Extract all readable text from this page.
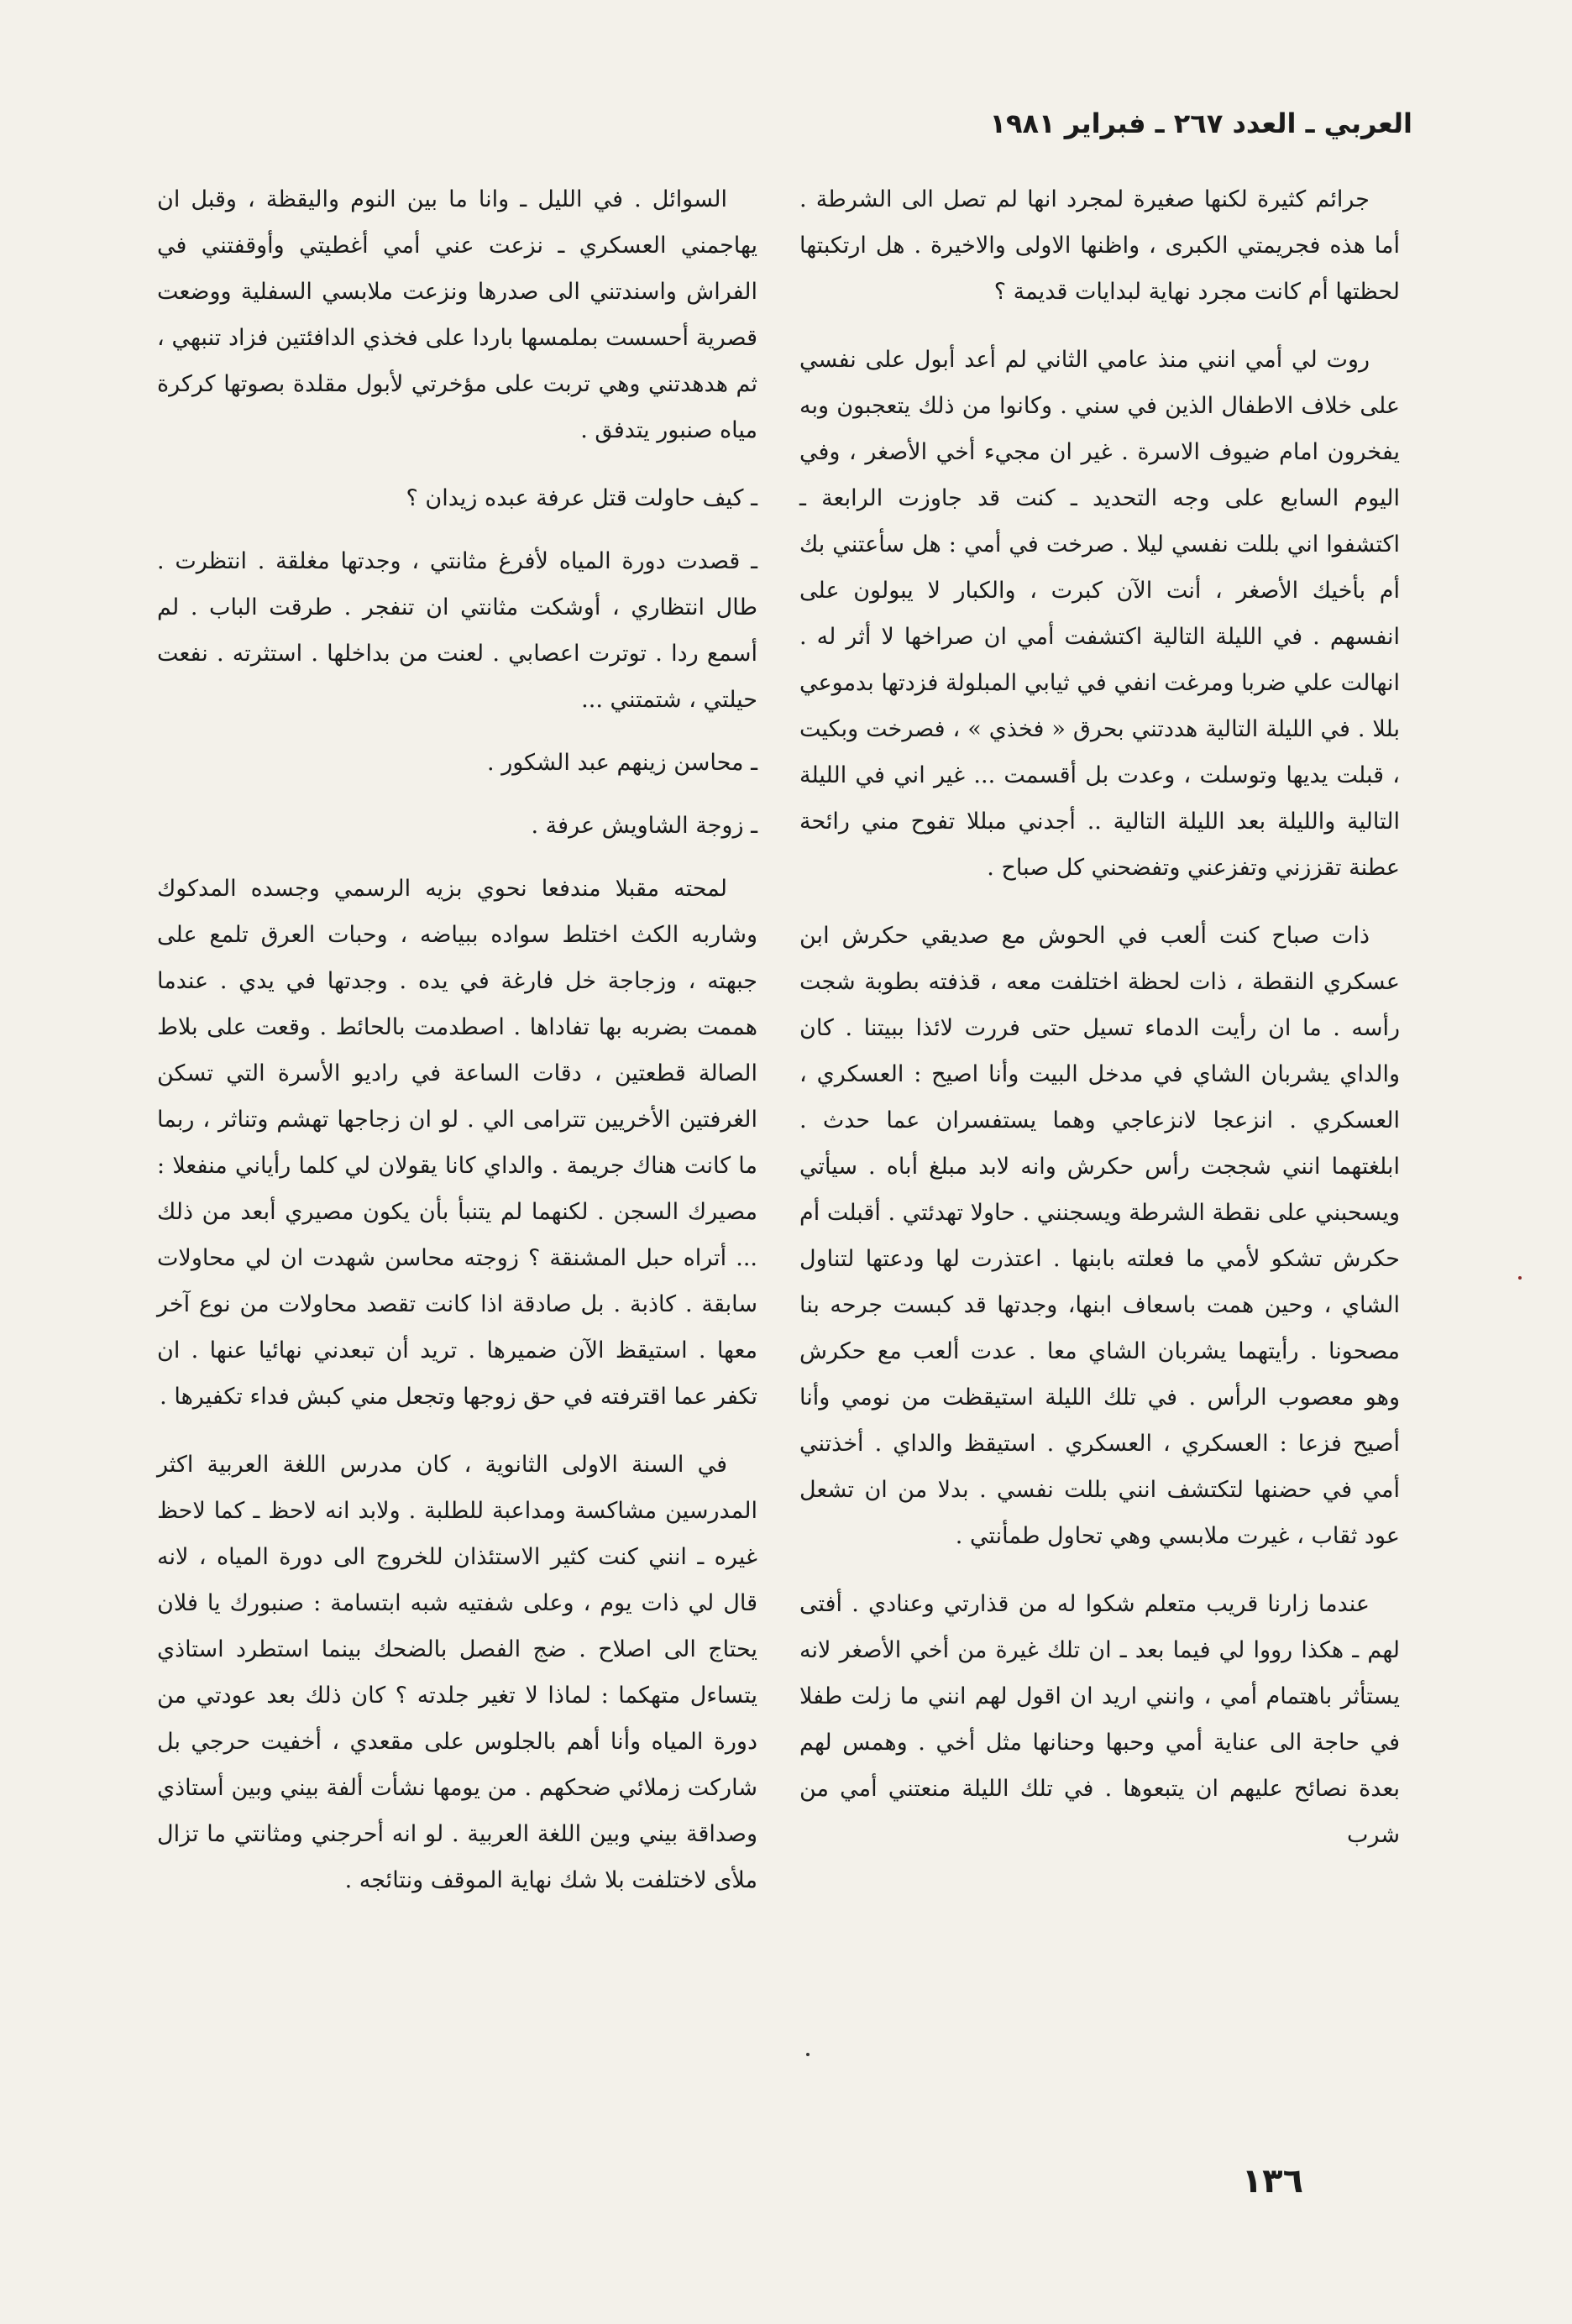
العربي ـ العدد ٢٦٧ ـ فبراير ١٩٨١

جرائم كثيرة لكنها صغيرة لمجرد انها لم تصل الى الشرطة . أما هذه فجريمتي الكبرى ، واظنها الاولى والاخيرة . هل ارتكبتها لحظتها أم كانت مجرد نهاية لبدايات قديمة ؟

روت لي أمي انني منذ عامي الثاني لم أعد أبول على نفسي على خلاف الاطفال الذين في سني . وكانوا من ذلك يتعجبون وبه يفخرون امام ضيوف الاسرة . غير ان مجيء أخي الأصغر ، وفي اليوم السابع على وجه التحديد ـ كنت قد جاوزت الرابعة ـ اكتشفوا اني بللت نفسي ليلا . صرخت في أمي : هل سأعتني بك أم بأخيك الأصغر ، أنت الآن كبرت ، والكبار لا يبولون على انفسهم . في الليلة التالية اكتشفت أمي ان صراخها لا أثر له . انهالت علي ضربا ومرغت انفي في ثيابي المبلولة فزدتها بدموعي بللا . في الليلة التالية هددتني بحرق « فخذي » ، فصرخت وبكيت ، قبلت يديها وتوسلت ، وعدت بل أقسمت ... غير اني في الليلة التالية والليلة بعد الليلة التالية .. أجدني مبللا تفوح مني رائحة عطنة تقززني وتفزعني وتفضحني كل صباح .

ذات صباح كنت ألعب في الحوش مع صديقي حكرش ابن عسكري النقطة ، ذات لحظة اختلفت معه ، قذفته بطوبة شجت رأسه . ما ان رأيت الدماء تسيل حتى فررت لائذا ببيتنا . كان والداي يشربان الشاي في مدخل البيت وأنا اصيح : العسكري ، العسكري . انزعجا لانزعاجي وهما يستفسران عما حدث . ابلغتهما انني شججت رأس حكرش وانه لابد مبلغ أباه . سيأتي ويسحبني على نقطة الشرطة ويسجنني . حاولا تهدئتي . أقبلت أم حكرش تشكو لأمي ما فعلته بابنها . اعتذرت لها ودعتها لتناول الشاي ، وحين همت باسعاف ابنها، وجدتها قد كبست جرحه بنا مصحونا . رأيتهما يشربان الشاي معا . عدت ألعب مع حكرش وهو معصوب الرأس . في تلك الليلة استيقظت من نومي وأنا أصيح فزعا : العسكري ، العسكري . استيقظ والداي . أخذتني أمي في حضنها لتكتشف انني بللت نفسي . بدلا من ان تشعل عود ثقاب ، غيرت ملابسي وهي تحاول طمأنتي .

عندما زارنا قريب متعلم شكوا له من قذارتي وعنادي . أفتى لهم ـ هكذا رووا لي فيما بعد ـ ان تلك غيرة من أخي الأصغر لانه يستأثر باهتمام أمي ، وانني اريد ان اقول لهم انني ما زلت طفلا في حاجة الى عناية أمي وحبها وحنانها مثل أخي . وهمس لهم بعدة نصائح عليهم ان يتبعوها . في تلك الليلة منعتني أمي من شرب

السوائل . في الليل ـ وانا ما بين النوم واليقظة ، وقبل ان يهاجمني العسكري ـ نزعت عني أمي أغطيتي وأوقفتني في الفراش واسندتني الى صدرها ونزعت ملابسي السفلية ووضعت قصرية أحسست بملمسها باردا على فخذي الدافئتين فزاد تنبهي ، ثم هدهدتني وهي تربت على مؤخرتي لأبول مقلدة بصوتها كركرة مياه صنبور يتدفق .

ـ كيف حاولت قتل عرفة عبده زيدان ؟

ـ قصدت دورة المياه لأفرغ مثانتي ، وجدتها مغلقة . انتظرت . طال انتظاري ، أوشكت مثانتي ان تنفجر . طرقت الباب . لم أسمع ردا . توترت اعصابي . لعنت من بداخلها . استثرته . نفعت حيلتي ، شتمتني ...

ـ محاسن زينهم عبد الشكور .

ـ زوجة الشاويش عرفة .

لمحته مقبلا مندفعا نحوي بزيه الرسمي وجسده المدكوك وشاربه الكث اختلط سواده ببياضه ، وحبات العرق تلمع على جبهته ، وزجاجة خل فارغة في يده . وجدتها في يدي . عندما هممت بضربه بها تفاداها . اصطدمت بالحائط . وقعت على بلاط الصالة قطعتين ، دقات الساعة في راديو الأسرة التي تسكن الغرفتين الأخريين تترامى الي . لو ان زجاجها تهشم وتناثر ، ربما ما كانت هناك جريمة . والداي كانا يقولان لي كلما رأياني منفعلا : مصيرك السجن . لكنهما لم يتنبأ بأن يكون مصيري أبعد من ذلك ... أتراه حبل المشنقة ؟ زوجته محاسن شهدت ان لي محاولات سابقة . كاذبة . بل صادقة اذا كانت تقصد محاولات من نوع آخر معها . استيقظ الآن ضميرها . تريد أن تبعدني نهائيا عنها . ان تكفر عما اقترفته في حق زوجها وتجعل مني كبش فداء تكفيرها .

في السنة الاولى الثانوية ، كان مدرس اللغة العربية اكثر المدرسين مشاكسة ومداعبة للطلبة . ولابد انه لاحظ ـ كما لاحظ غيره ـ انني كنت كثير الاستئذان للخروج الى دورة المياه ، لانه قال لي ذات يوم ، وعلى شفتيه شبه ابتسامة : صنبورك يا فلان يحتاج الى اصلاح . ضج الفصل بالضحك بينما استطرد استاذي يتساءل متهكما : لماذا لا تغير جلدته ؟ كان ذلك بعد عودتي من دورة المياه وأنا أهم بالجلوس على مقعدي ، أخفيت حرجي بل شاركت زملائي ضحكهم . من يومها نشأت ألفة بيني وبين أستاذي وصداقة بيني وبين اللغة العربية . لو انه أحرجني ومثانتي ما تزال ملأى لاختلفت بلا شك نهاية الموقف ونتائجه .

١٣٦
